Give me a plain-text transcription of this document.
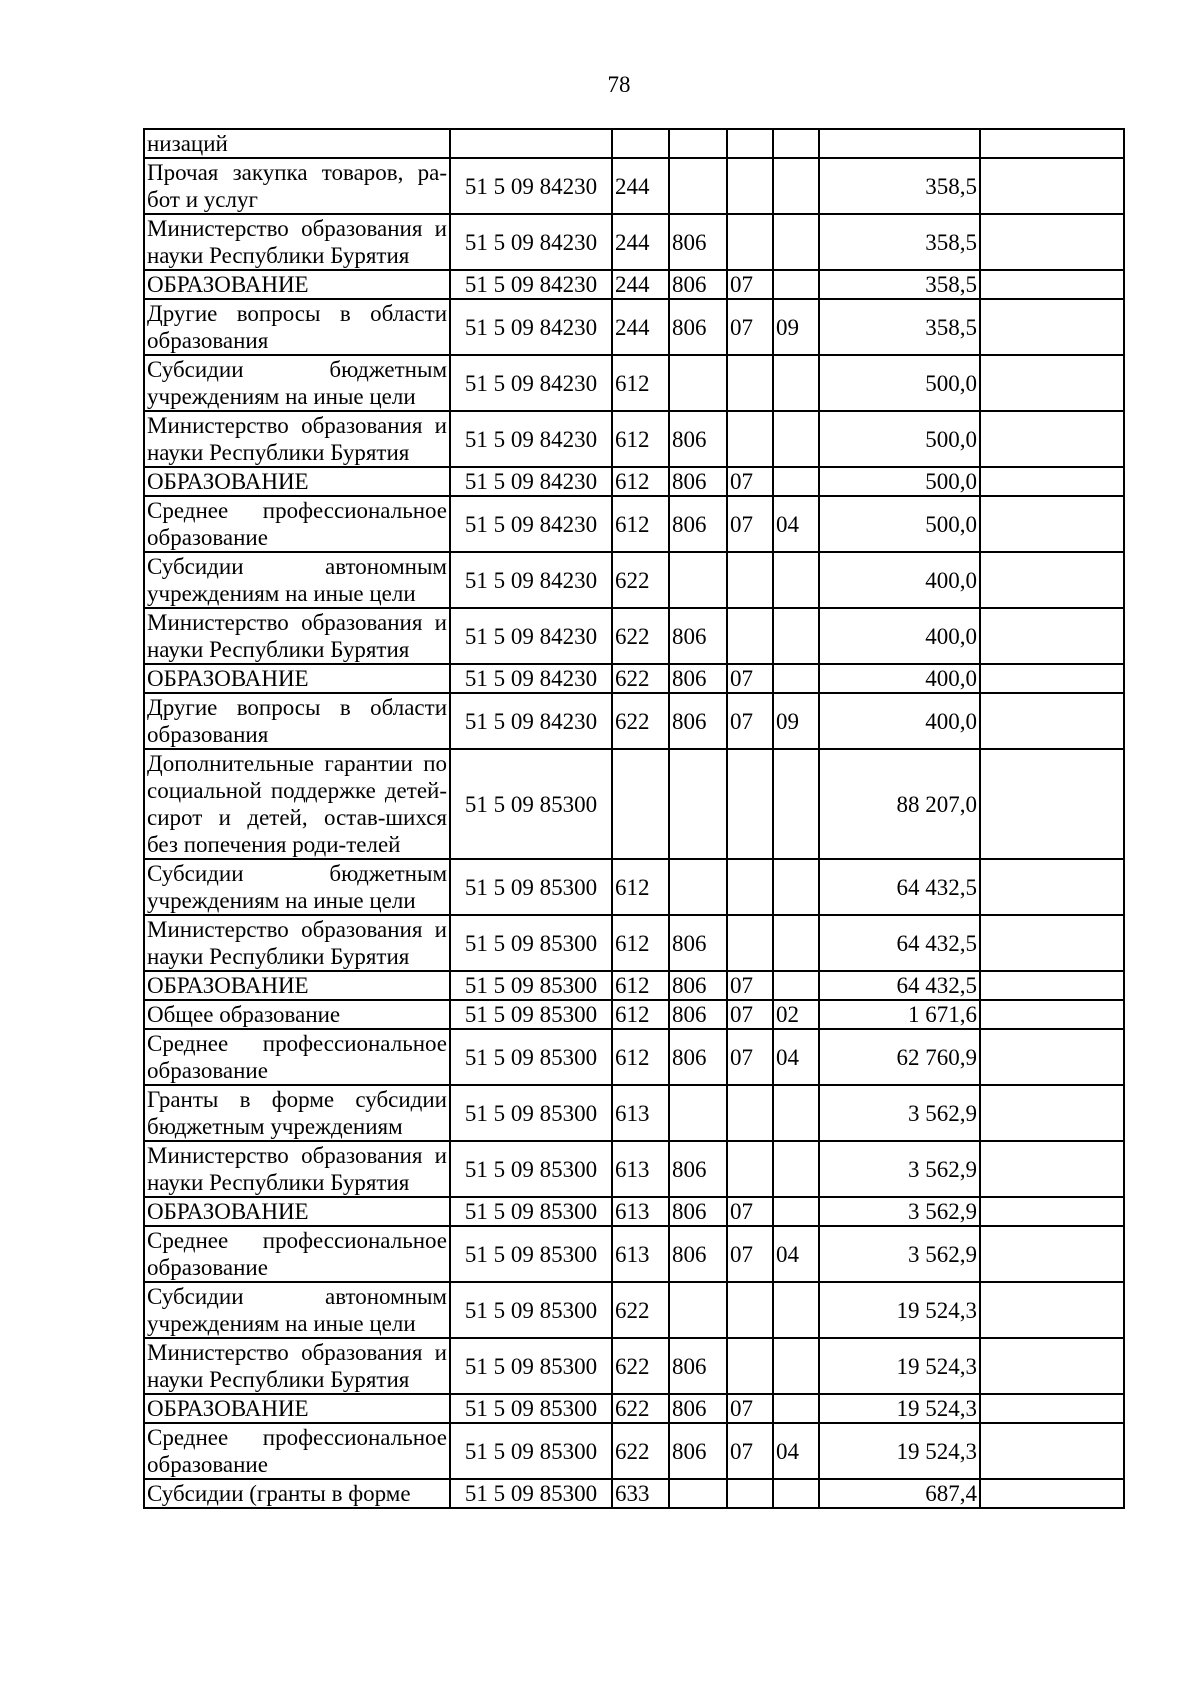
78
низаций							
Прочая закупка товаров, ра-бот и услуг	51 5 09 84230	244				358,5	
Министерство образования и науки Республики Бурятия	51 5 09 84230	244	806			358,5	
ОБРАЗОВАНИЕ	51 5 09 84230	244	806	07		358,5	
Другие вопросы в области образования	51 5 09 84230	244	806	07	09	358,5	
Субсидии бюджетным учреждениям на иные цели	51 5 09 84230	612				500,0	
Министерство образования и науки Республики Бурятия	51 5 09 84230	612	806			500,0	
ОБРАЗОВАНИЕ	51 5 09 84230	612	806	07		500,0	
Среднее профессиональное образование	51 5 09 84230	612	806	07	04	500,0	
Субсидии автономным учреждениям на иные цели	51 5 09 84230	622				400,0	
Министерство образования и науки Республики Бурятия	51 5 09 84230	622	806			400,0	
ОБРАЗОВАНИЕ	51 5 09 84230	622	806	07		400,0	
Другие вопросы в области образования	51 5 09 84230	622	806	07	09	400,0	
Дополнительные гарантии по социальной поддержке детей-сирот и детей, остав-шихся без попечения роди-телей	51 5 09 85300					88 207,0	
Субсидии бюджетным учреждениям на иные цели	51 5 09 85300	612				64 432,5	
Министерство образования и науки Республики Бурятия	51 5 09 85300	612	806			64 432,5	
ОБРАЗОВАНИЕ	51 5 09 85300	612	806	07		64 432,5	
Общее образование	51 5 09 85300	612	806	07	02	1 671,6	
Среднее профессиональное образование	51 5 09 85300	612	806	07	04	62 760,9	
Гранты в форме субсидии бюджетным учреждениям	51 5 09 85300	613				3 562,9	
Министерство образования и науки Республики Бурятия	51 5 09 85300	613	806			3 562,9	
ОБРАЗОВАНИЕ	51 5 09 85300	613	806	07		3 562,9	
Среднее профессиональное образование	51 5 09 85300	613	806	07	04	3 562,9	
Субсидии автономным учреждениям на иные цели	51 5 09 85300	622				19 524,3	
Министерство образования и науки Республики Бурятия	51 5 09 85300	622	806			19 524,3	
ОБРАЗОВАНИЕ	51 5 09 85300	622	806	07		19 524,3	
Среднее профессиональное образование	51 5 09 85300	622	806	07	04	19 524,3	
Субсидии (гранты в форме	51 5 09 85300	633				687,4	
